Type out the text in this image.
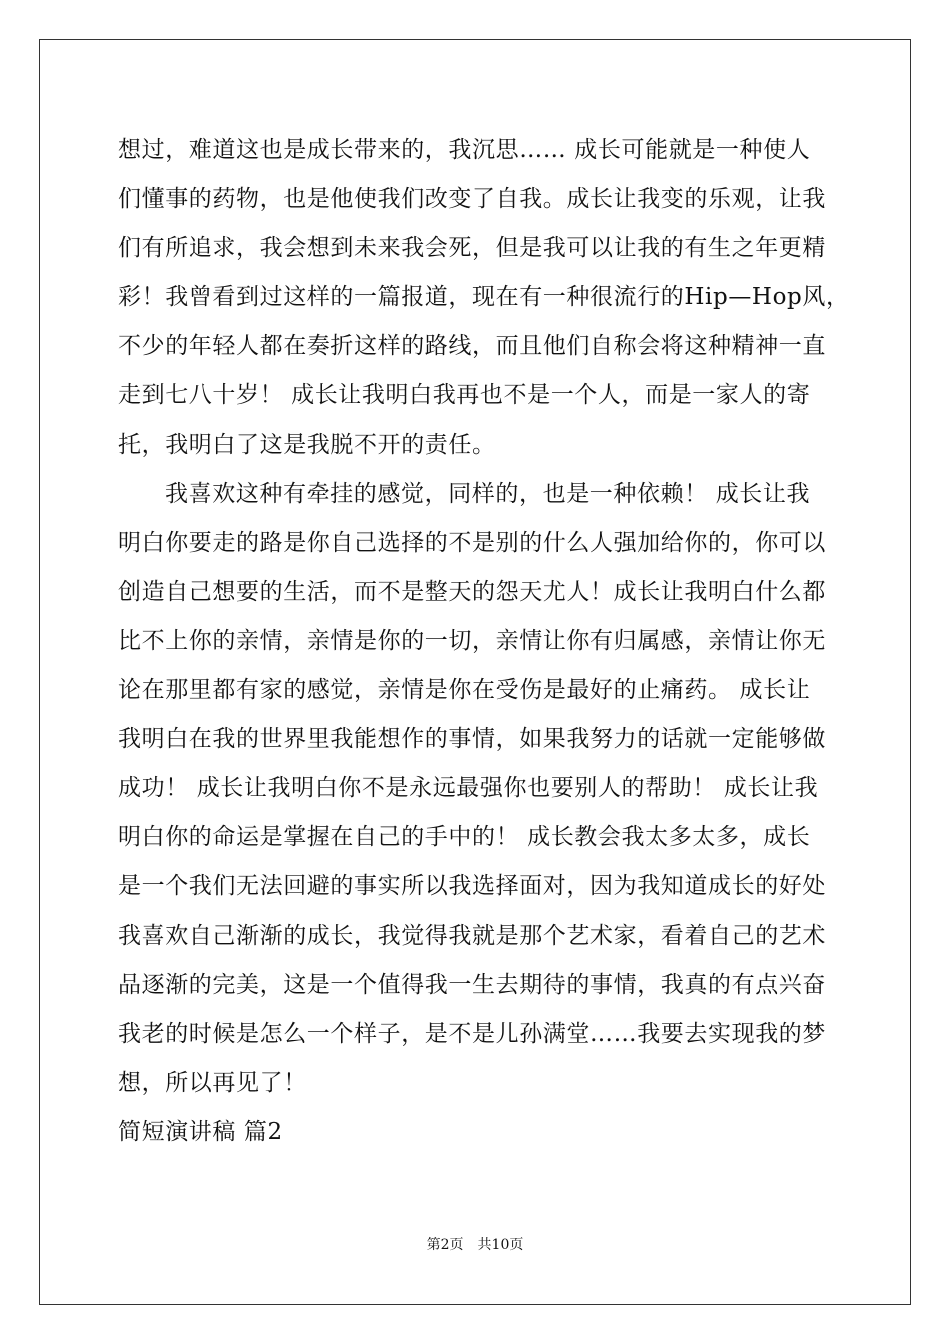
想过，难道这也是成长带来的，我沉思…… 成长可能就是一种使人
们懂事的药物，也是他使我们改变了自我。成长让我变的乐观，让我
们有所追求，我会想到未来我会死，但是我可以让我的有生之年更精
彩！我曾看到过这样的一篇报道，现在有一种很流行的Hip—Hop风，
不少的年轻人都在奏折这样的路线，而且他们自称会将这种精神一直
走到七八十岁！ 成长让我明白我再也不是一个人，而是一家人的寄
托，我明白了这是我脱不开的责任。
我喜欢这种有牵挂的感觉，同样的，也是一种依赖！ 成长让我
明白你要走的路是你自己选择的不是别的什么人强加给你的，你可以
创造自己想要的生活，而不是整天的怨天尤人！成长让我明白什么都
比不上你的亲情，亲情是你的一切，亲情让你有归属感，亲情让你无
论在那里都有家的感觉，亲情是你在受伤是最好的止痛药。 成长让
我明白在我的世界里我能想作的事情，如果我努力的话就一定能够做
成功！ 成长让我明白你不是永远最强你也要别人的帮助！ 成长让我
明白你的命运是掌握在自己的手中的！ 成长教会我太多太多，成长
是一个我们无法回避的事实所以我选择面对，因为我知道成长的好处
我喜欢自己渐渐的成长，我觉得我就是那个艺术家，看着自己的艺术
品逐渐的完美，这是一个值得我一生去期待的事情，我真的有点兴奋
我老的时候是怎么一个样子，是不是儿孙满堂……我要去实现我的梦
想，所以再见了！
简短演讲稿 篇2
第2页 共10页
